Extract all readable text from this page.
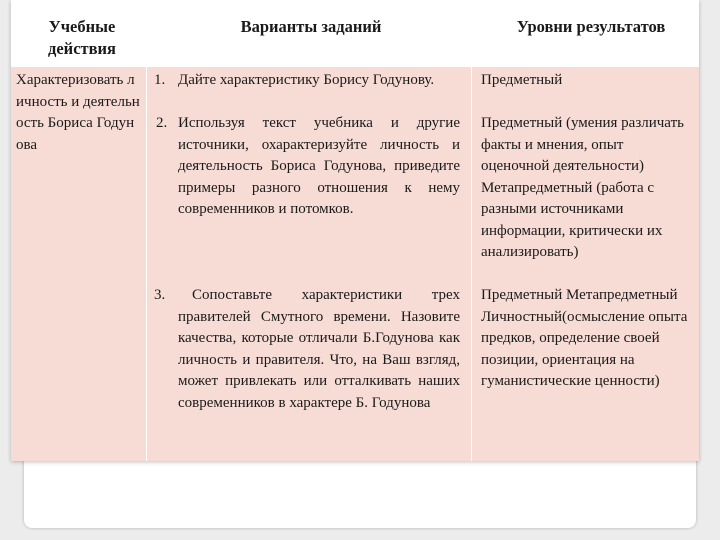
Учебные действия
Варианты заданий	Уровни результатов
Характеризовать личность и деятельность Бориса Годунова
1. Дайте характеристику Борису Годунову.
2. Используя текст учебника и другие источники, охарактеризуйте личность и деятельность Бориса Годунова, приведите примеры разного отношения к нему современников и потомков.
3.	Сопоставьте характеристики трех правителей Смутного времени. Назовите качества, которые отличали Б.Годунова как личность и правителя. Что, на Ваш взгляд, может привлекать или отталкивать наших современников в характере Б. Годунова
Предметный
Предметный (умения различать факты и мнения, опыт оценочной деятельности) Метапредметный (работа с разными источниками информации, критически их анализировать)
Предметный Метапредметный Личностный(осмысление опыта предков, определение своей позиции, ориентация на гуманистические ценности)
